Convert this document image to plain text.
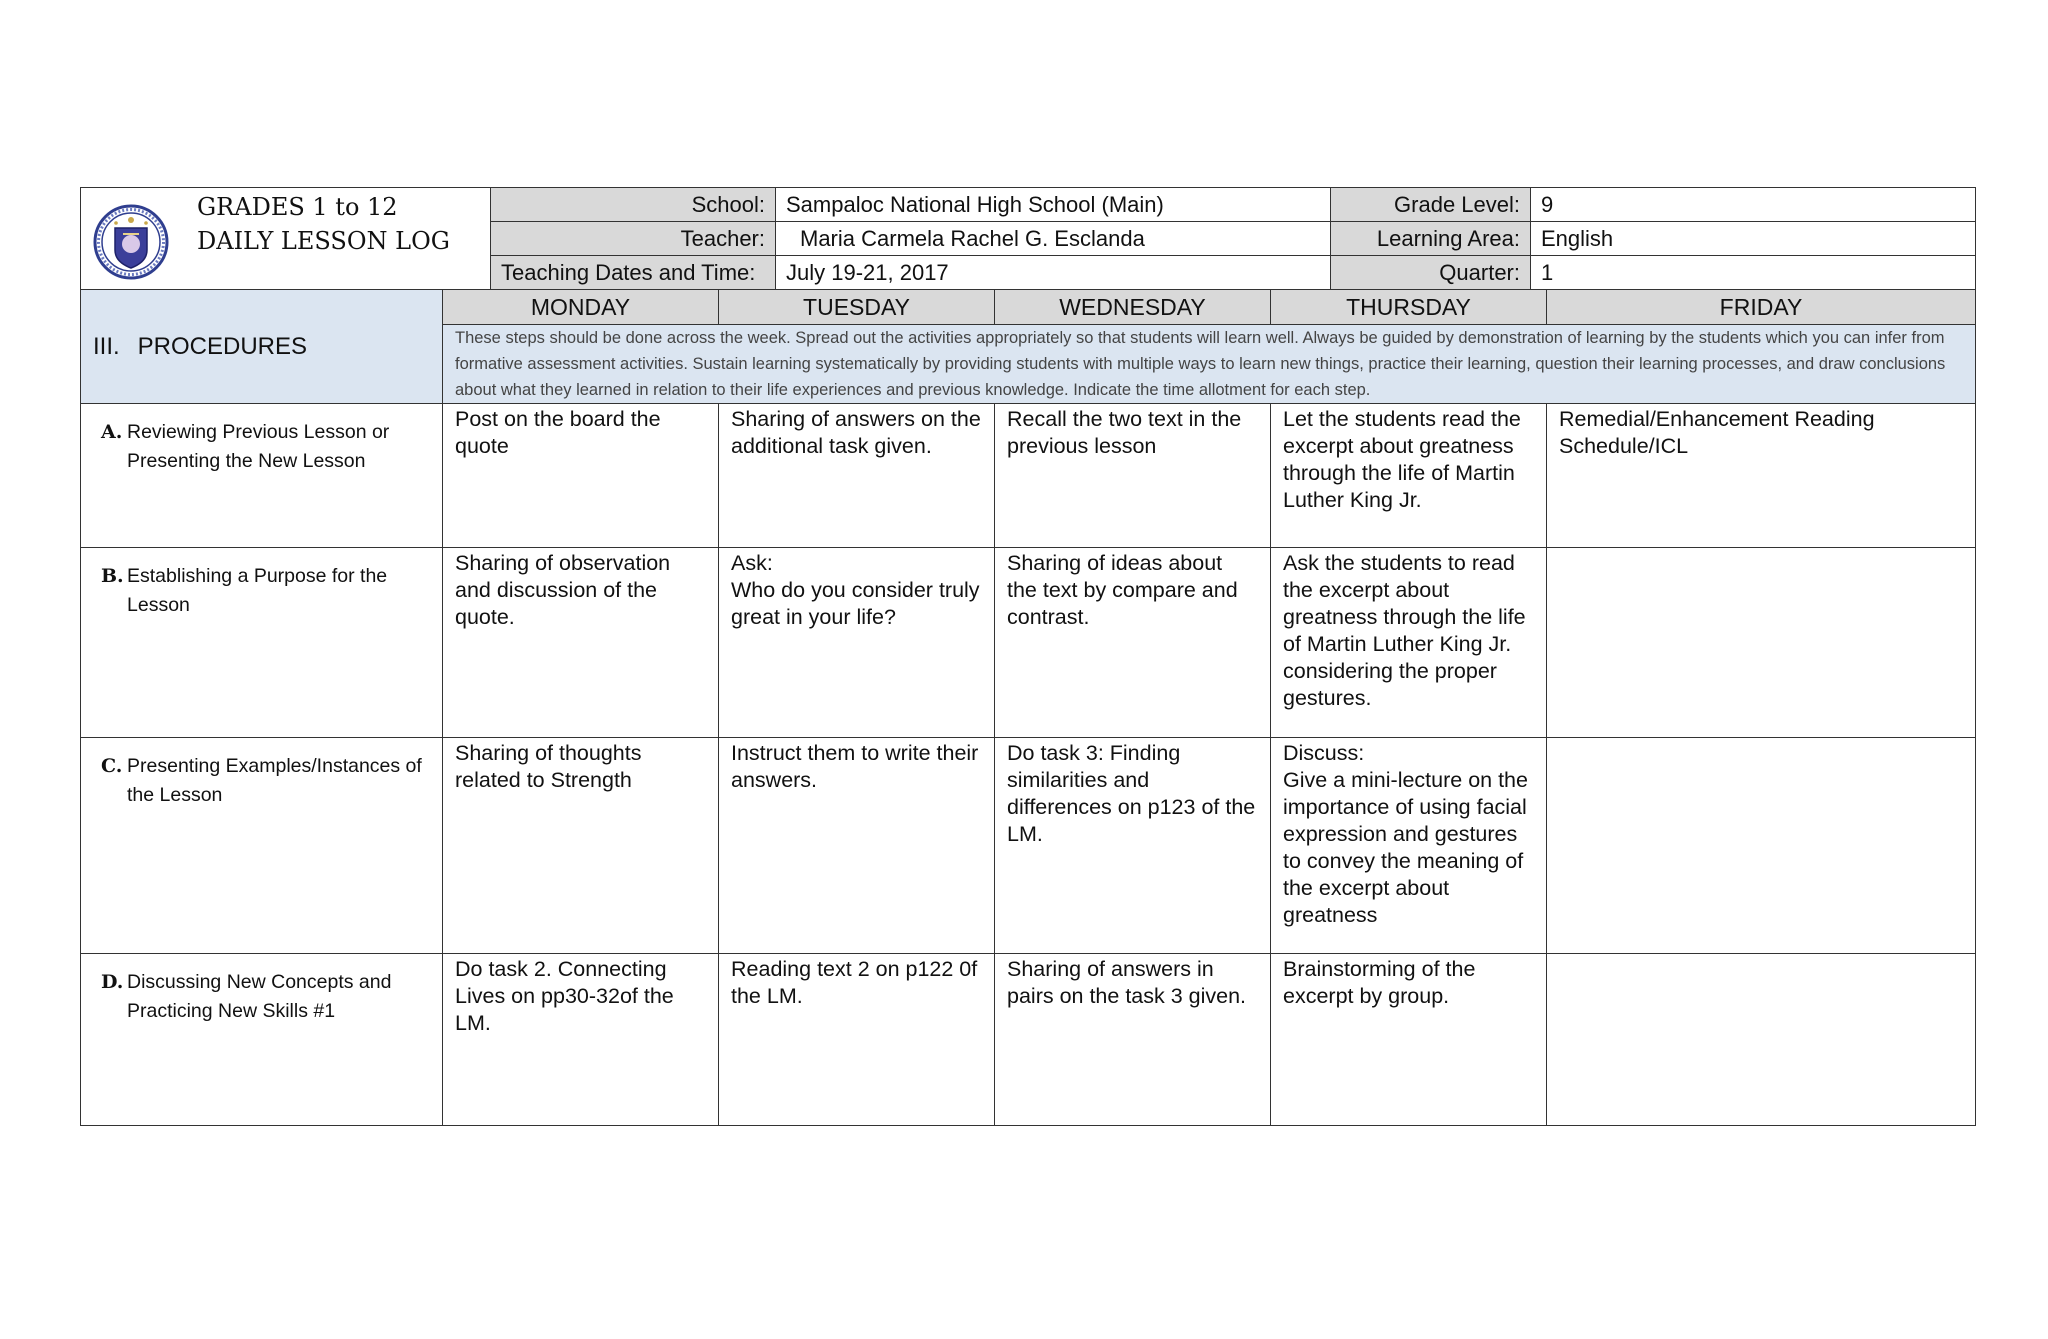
GRADES 1 to 12
DAILY LESSON LOG	School:	Sampaloc National High School (Main)	Grade Level:	9
	Teacher:	Maria Carmela Rachel G. Esclanda	Learning Area:	English
	Teaching Dates and Time:	July 19-21, 2017	Quarter:	1
III. PROCEDURES	MONDAY	TUESDAY	WEDNESDAY	THURSDAY	FRIDAY
	These steps should be done across the week. Spread out the activities appropriately so that students will learn well. Always be guided by demonstration of learning by the students which you can infer from formative assessment activities. Sustain learning systematically by providing students with multiple ways to learn new things, practice their learning, question their learning processes, and draw conclusions about what they learned in relation to their life experiences and previous knowledge. Indicate the time allotment for each step.				
A. Reviewing Previous Lesson or Presenting the New Lesson	Post on the board the quote	Sharing of answers on the additional task given.	Recall the two text in the previous lesson	Let the students read the excerpt about greatness through the life of Martin Luther King Jr.	Remedial/Enhancement Reading Schedule/ICL
B. Establishing a Purpose for the Lesson	Sharing of observation and discussion of the quote.	Ask:
Who do you consider truly great in your life?	Sharing of ideas about the text by compare and contrast.	Ask the students to read the excerpt about greatness through the life of Martin Luther King Jr. considering the proper gestures.	
C. Presenting Examples/Instances of the Lesson	Sharing of thoughts related to Strength	Instruct them to write their answers.	Do task 3: Finding similarities and differences on p123 of the LM.	Discuss:
Give a mini-lecture on the importance of using facial expression and gestures to convey the meaning of the excerpt about greatness	
D. Discussing New Concepts and Practicing New Skills #1	Do task 2. Connecting Lives on pp30-32of the LM.	Reading text 2 on p122 0f the LM.	Sharing of answers in pairs on the task 3 given.	Brainstorming of the excerpt by group.	
